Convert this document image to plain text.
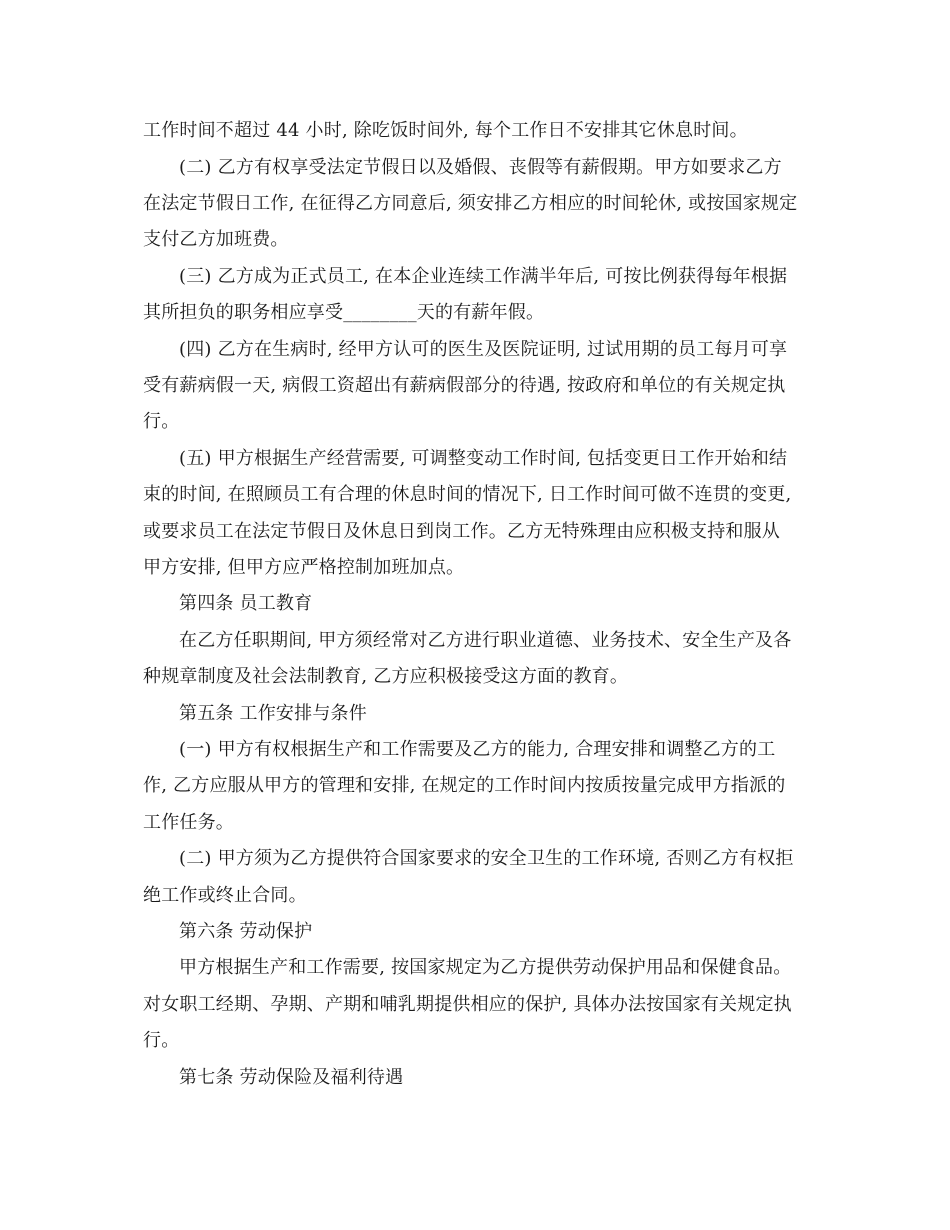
工作时间不超过 44 小时, 除吃饭时间外, 每个工作日不安排其它休息时间。
(二) 乙方有权享受法定节假日以及婚假、丧假等有薪假期。甲方如要求乙方
在法定节假日工作, 在征得乙方同意后, 须安排乙方相应的时间轮休, 或按国家规定
支付乙方加班费。
(三) 乙方成为正式员工, 在本企业连续工作满半年后, 可按比例获得每年根据
其所担负的职务相应享受________天的有薪年假。
(四) 乙方在生病时, 经甲方认可的医生及医院证明, 过试用期的员工每月可享
受有薪病假一天, 病假工资超出有薪病假部分的待遇, 按政府和单位的有关规定执
行。
(五) 甲方根据生产经营需要, 可调整变动工作时间, 包括变更日工作开始和结
束的时间, 在照顾员工有合理的休息时间的情况下, 日工作时间可做不连贯的变更,
或要求员工在法定节假日及休息日到岗工作。乙方无特殊理由应积极支持和服从
甲方安排, 但甲方应严格控制加班加点。
第四条 员工教育
在乙方任职期间, 甲方须经常对乙方进行职业道德、业务技术、安全生产及各
种规章制度及社会法制教育, 乙方应积极接受这方面的教育。
第五条 工作安排与条件
(一) 甲方有权根据生产和工作需要及乙方的能力, 合理安排和调整乙方的工
作, 乙方应服从甲方的管理和安排, 在规定的工作时间内按质按量完成甲方指派的
工作任务。
(二) 甲方须为乙方提供符合国家要求的安全卫生的工作环境, 否则乙方有权拒
绝工作或终止合同。
第六条 劳动保护
甲方根据生产和工作需要, 按国家规定为乙方提供劳动保护用品和保健食品。
对女职工经期、孕期、产期和哺乳期提供相应的保护, 具体办法按国家有关规定执
行。
第七条 劳动保险及福利待遇
